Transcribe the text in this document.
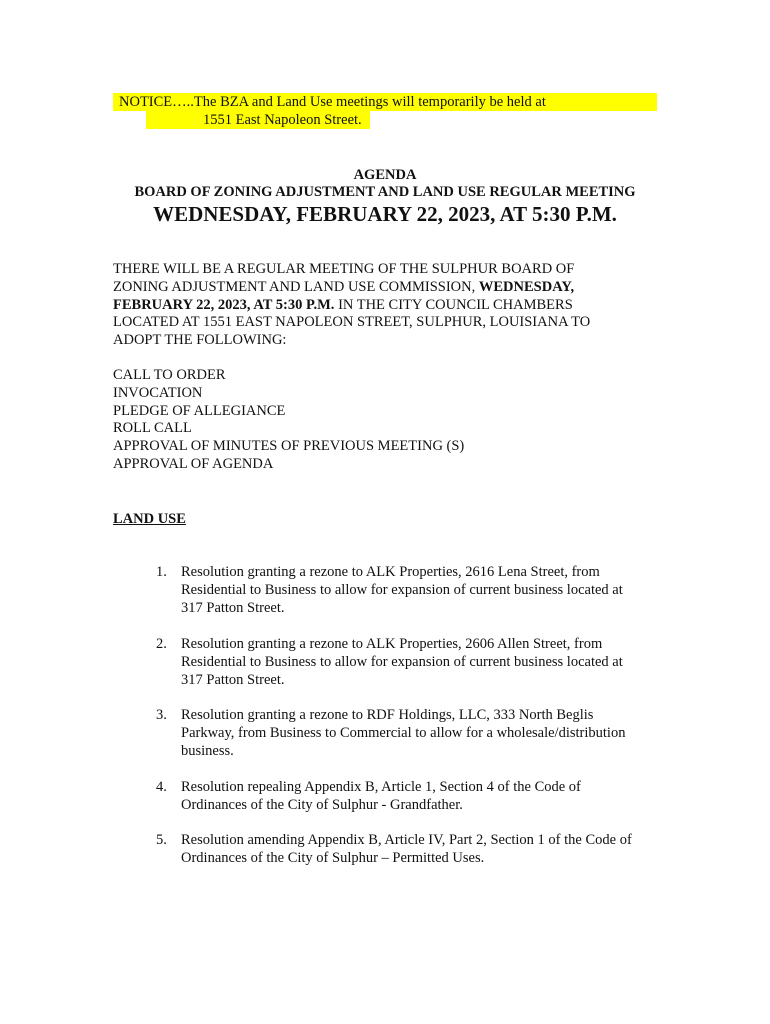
NOTICE…..The BZA and Land Use meetings will temporarily be held at
1551 East Napoleon Street.
AGENDA
BOARD OF ZONING ADJUSTMENT AND LAND USE REGULAR MEETING
WEDNESDAY, FEBRUARY 22, 2023, AT 5:30 P.M.
THERE WILL BE A REGULAR MEETING OF THE SULPHUR BOARD OF
ZONING ADJUSTMENT AND LAND USE COMMISSION, WEDNESDAY,
FEBRUARY 22, 2023, AT 5:30 P.M. IN THE CITY COUNCIL CHAMBERS
LOCATED AT 1551 EAST NAPOLEON STREET, SULPHUR, LOUISIANA TO
ADOPT THE FOLLOWING:
CALL TO ORDER
INVOCATION
PLEDGE OF ALLEGIANCE
ROLL CALL
APPROVAL OF MINUTES OF PREVIOUS MEETING (S)
APPROVAL OF AGENDA
LAND USE
1. Resolution granting a rezone to ALK Properties, 2616 Lena Street, from
Residential to Business to allow for expansion of current business located at
317 Patton Street.
2. Resolution granting a rezone to ALK Properties, 2606 Allen Street, from
Residential to Business to allow for expansion of current business located at
317 Patton Street.
3. Resolution granting a rezone to RDF Holdings, LLC, 333 North Beglis
Parkway, from Business to Commercial to allow for a wholesale/distribution
business.
4. Resolution repealing Appendix B, Article 1, Section 4 of the Code of
Ordinances of the City of Sulphur - Grandfather.
5. Resolution amending Appendix B, Article IV, Part 2, Section 1 of the Code of
Ordinances of the City of Sulphur – Permitted Uses.
